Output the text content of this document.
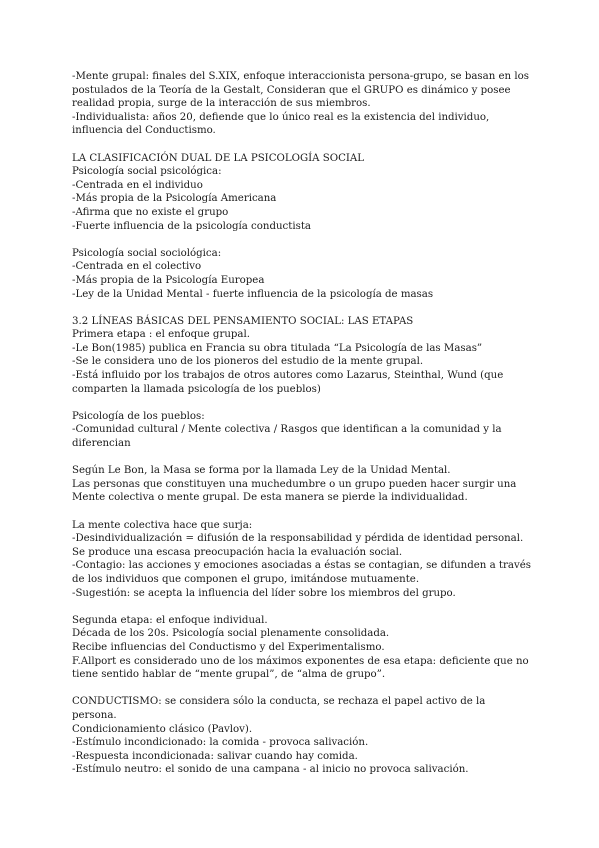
-Mente grupal: finales del S.XIX, enfoque interaccionista persona-grupo, se basan en los
postulados de la Teoría de la Gestalt, Consideran que el GRUPO es dinámico y posee
realidad propia, surge de la interacción de sus miembros.
-Individualista: años 20, defiende que lo único real es la existencia del individuo,
influencia del Conductismo.
LA CLASIFICACIÓN DUAL DE LA PSICOLOGÍA SOCIAL
Psicología social psicológica:
-Centrada en el individuo
-Más propia de la Psicología Americana
-Afirma que no existe el grupo
-Fuerte influencia de la psicología conductista
Psicología social sociológica:
-Centrada en el colectivo
-Más propia de la Psicología Europea
-Ley de la Unidad Mental - fuerte influencia de la psicología de masas
3.2 LÍNEAS BÁSICAS DEL PENSAMIENTO SOCIAL: LAS ETAPAS
Primera etapa : el enfoque grupal.
-Le Bon(1985) publica en Francia su obra titulada “La Psicología de las Masas”
-Se le considera uno de los pioneros del estudio de la mente grupal.
-Está influido por los trabajos de otros autores como Lazarus, Steinthal, Wund (que
comparten la llamada psicología de los pueblos)
Psicología de los pueblos:
-Comunidad cultural / Mente colectiva / Rasgos que identifican a la comunidad y la
diferencian
Según Le Bon, la Masa se forma por la llamada Ley de la Unidad Mental.
Las personas que constituyen una muchedumbre o un grupo pueden hacer surgir una
Mente colectiva o mente grupal. De esta manera se pierde la individualidad.
La mente colectiva hace que surja:
-Desindividualización = difusión de la responsabilidad y pérdida de identidad personal.
Se produce una escasa preocupación hacia la evaluación social.
-Contagio: las acciones y emociones asociadas a éstas se contagian, se difunden a través
de los individuos que componen el grupo, imitándose mutuamente.
-Sugestión: se acepta la influencia del líder sobre los miembros del grupo.
Segunda etapa: el enfoque individual.
Década de los 20s. Psicología social plenamente consolidada.
Recibe influencias del Conductismo y del Experimentalismo.
F.Allport es considerado uno de los máximos exponentes de esa etapa: deficiente que no
tiene sentido hablar de “mente grupal”, de “alma de grupo”.
CONDUCTISMO: se considera sólo la conducta, se rechaza el papel activo de la
persona.
Condicionamiento clásico (Pavlov).
-Estímulo incondicionado: la comida - provoca salivación.
-Respuesta incondicionada: salivar cuando hay comida.
-Estímulo neutro: el sonido de una campana - al inicio no provoca salivación.
